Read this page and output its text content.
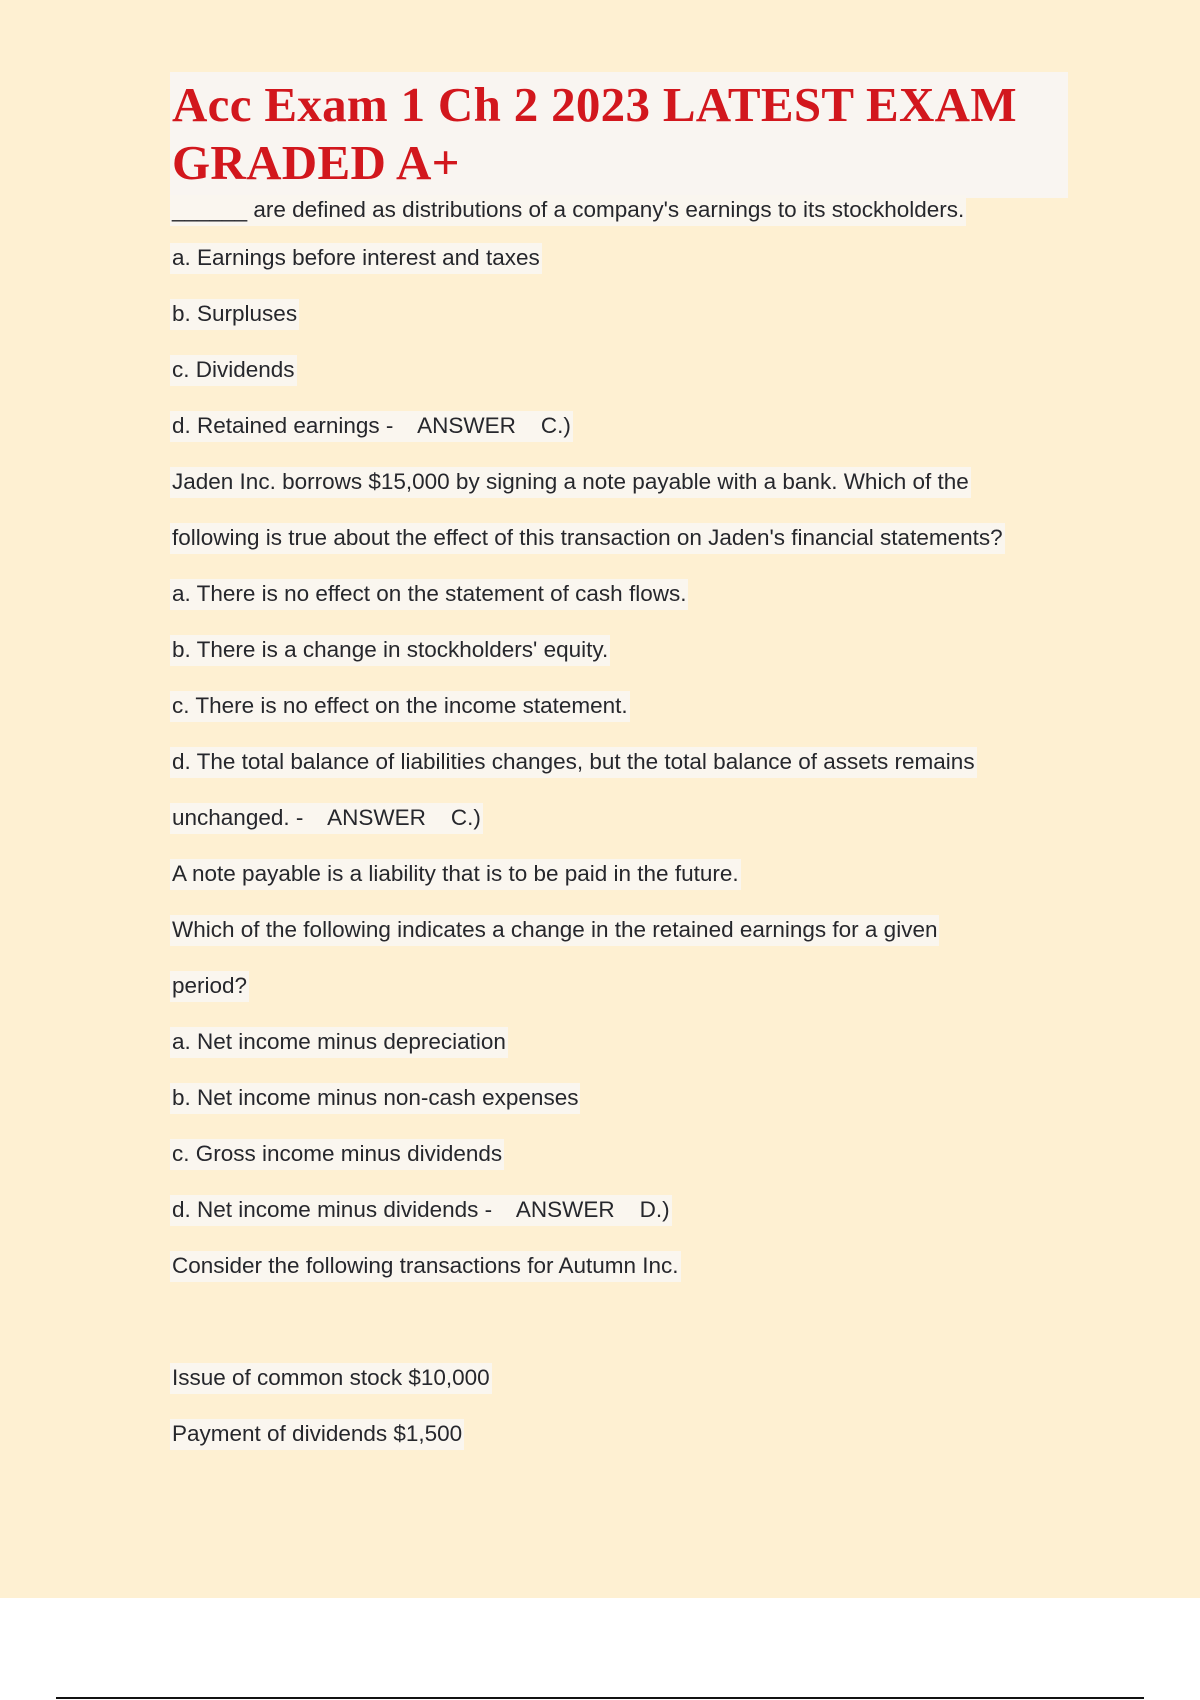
Acc Exam 1 Ch 2 2023 LATEST EXAM
GRADED A+
______ are defined as distributions of a company's earnings to its stockholders.
a. Earnings before interest and taxes
b. Surpluses
c. Dividends
d. Retained earnings -    ANSWER    C.)
Jaden Inc. borrows $15,000 by signing a note payable with a bank. Which of the
following is true about the effect of this transaction on Jaden's financial statements?
a. There is no effect on the statement of cash flows.
b. There is a change in stockholders' equity.
c. There is no effect on the income statement.
d. The total balance of liabilities changes, but the total balance of assets remains
unchanged. -    ANSWER    C.)
A note payable is a liability that is to be paid in the future.
Which of the following indicates a change in the retained earnings for a given
period?
a. Net income minus depreciation
b. Net income minus non-cash expenses
c. Gross income minus dividends
d. Net income minus dividends -    ANSWER    D.)
Consider the following transactions for Autumn Inc.
Issue of common stock $10,000
Payment of dividends $1,500
